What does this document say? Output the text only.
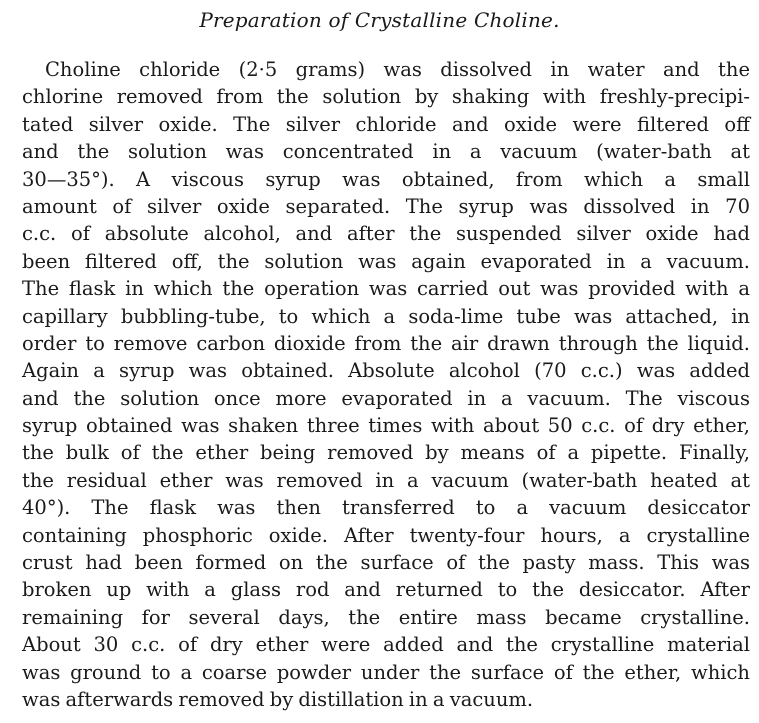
Preparation of Crystalline Choline.
Choline chloride (2·5 grams) was dissolved in water and the
chlorine removed from the solution by shaking with freshly-precipi-
tated silver oxide. The silver chloride and oxide were filtered off
and the solution was concentrated in a vacuum (water-bath at
30—35°). A viscous syrup was obtained, from which a small
amount of silver oxide separated. The syrup was dissolved in 70
c.c. of absolute alcohol, and after the suspended silver oxide had
been filtered off, the solution was again evaporated in a vacuum.
The flask in which the operation was carried out was provided with a
capillary bubbling-tube, to which a soda-lime tube was attached, in
order to remove carbon dioxide from the air drawn through the liquid.
Again a syrup was obtained. Absolute alcohol (70 c.c.) was added
and the solution once more evaporated in a vacuum. The viscous
syrup obtained was shaken three times with about 50 c.c. of dry ether,
the bulk of the ether being removed by means of a pipette. Finally,
the residual ether was removed in a vacuum (water-bath heated at
40°). The flask was then transferred to a vacuum desiccator
containing phosphoric oxide. After twenty-four hours, a crystalline
crust had been formed on the surface of the pasty mass. This was
broken up with a glass rod and returned to the desiccator. After
remaining for several days, the entire mass became crystalline.
About 30 c.c. of dry ether were added and the crystalline material
was ground to a coarse powder under the surface of the ether, which
was afterwards removed by distillation in a vacuum.
